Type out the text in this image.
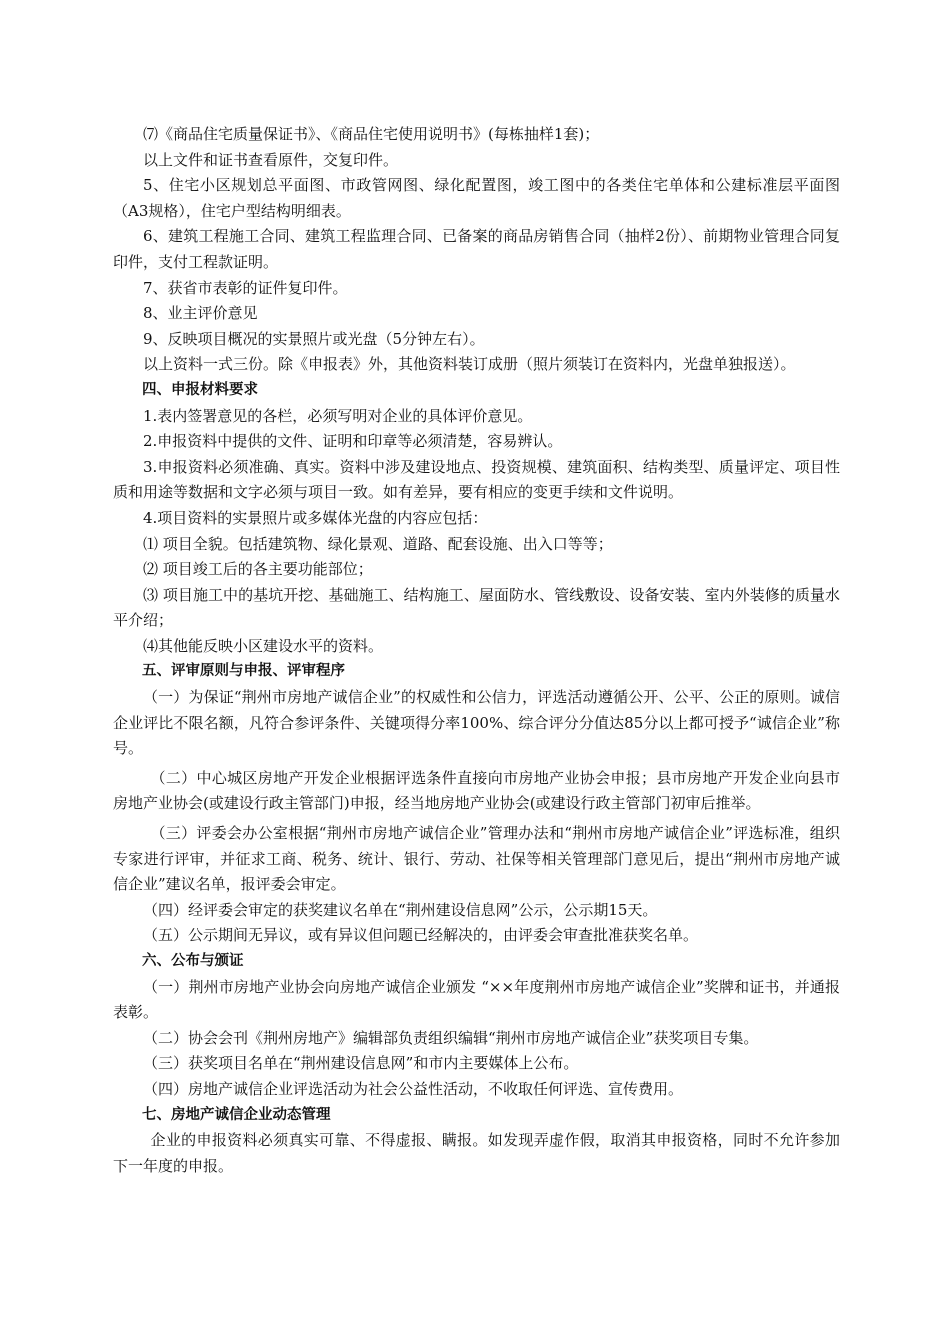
⑺《商品住宅质量保证书》、《商品住宅使用说明书》(每栋抽样1套)；

以上文件和证书查看原件，交复印件。

5、住宅小区规划总平面图、市政管网图、绿化配置图，竣工图中的各类住宅单体和公建标准层平面图（A3规格），住宅户型结构明细表。

6、建筑工程施工合同、建筑工程监理合同、已备案的商品房销售合同（抽样2份）、前期物业管理合同复印件，支付工程款证明。

7、获省市表彰的证件复印件。

8、业主评价意见

9、反映项目概况的实景照片或光盘（5分钟左右）。

以上资料一式三份。除《申报表》外，其他资料装订成册（照片须装订在资料内，光盘单独报送）。

四、申报材料要求

1.表内签署意见的各栏，必须写明对企业的具体评价意见。

2.申报资料中提供的文件、证明和印章等必须清楚，容易辨认。

3.申报资料必须准确、真实。资料中涉及建设地点、投资规模、建筑面积、结构类型、质量评定、项目性质和用途等数据和文字必须与项目一致。如有差异，要有相应的变更手续和文件说明。

4.项目资料的实景照片或多媒体光盘的内容应包括：

⑴ 项目全貌。包括建筑物、绿化景观、道路、配套设施、出入口等等；

⑵ 项目竣工后的各主要功能部位；

⑶ 项目施工中的基坑开挖、基础施工、结构施工、屋面防水、管线敷设、设备安装、室内外装修的质量水平介绍；

⑷其他能反映小区建设水平的资料。

五、评审原则与申报、评审程序

（一）为保证“荆州市房地产诚信企业”的权威性和公信力，评选活动遵循公开、公平、公正的原则。诚信企业评比不限名额，凡符合参评条件、关键项得分率100%、综合评分分值达85分以上都可授予“诚信企业”称号。

（二）中心城区房地产开发企业根据评选条件直接向市房地产业协会申报；县市房地产开发企业向县市房地产业协会(或建设行政主管部门)申报，经当地房地产业协会(或建设行政主管部门初审后推举。

（三）评委会办公室根据“荆州市房地产诚信企业”管理办法和“荆州市房地产诚信企业”评选标准，组织专家进行评审，并征求工商、税务、统计、银行、劳动、社保等相关管理部门意见后，提出“荆州市房地产诚信企业”建议名单，报评委会审定。

（四）经评委会审定的获奖建议名单在“荆州建设信息网”公示，公示期15天。

（五）公示期间无异议，或有异议但问题已经解决的，由评委会审查批准获奖名单。

六、公布与颁证

（一）荆州市房地产业协会向房地产诚信企业颁发 “××年度荆州市房地产诚信企业”奖牌和证书，并通报表彰。

（二）协会会刊《荆州房地产》编辑部负责组织编辑“荆州市房地产诚信企业”获奖项目专集。

（三）获奖项目名单在“荆州建设信息网”和市内主要媒体上公布。

（四）房地产诚信企业评选活动为社会公益性活动，不收取任何评选、宣传费用。

七、房地产诚信企业动态管理

企业的申报资料必须真实可靠、不得虚报、瞒报。如发现弄虚作假，取消其申报资格，同时不允许参加下一年度的申报。
